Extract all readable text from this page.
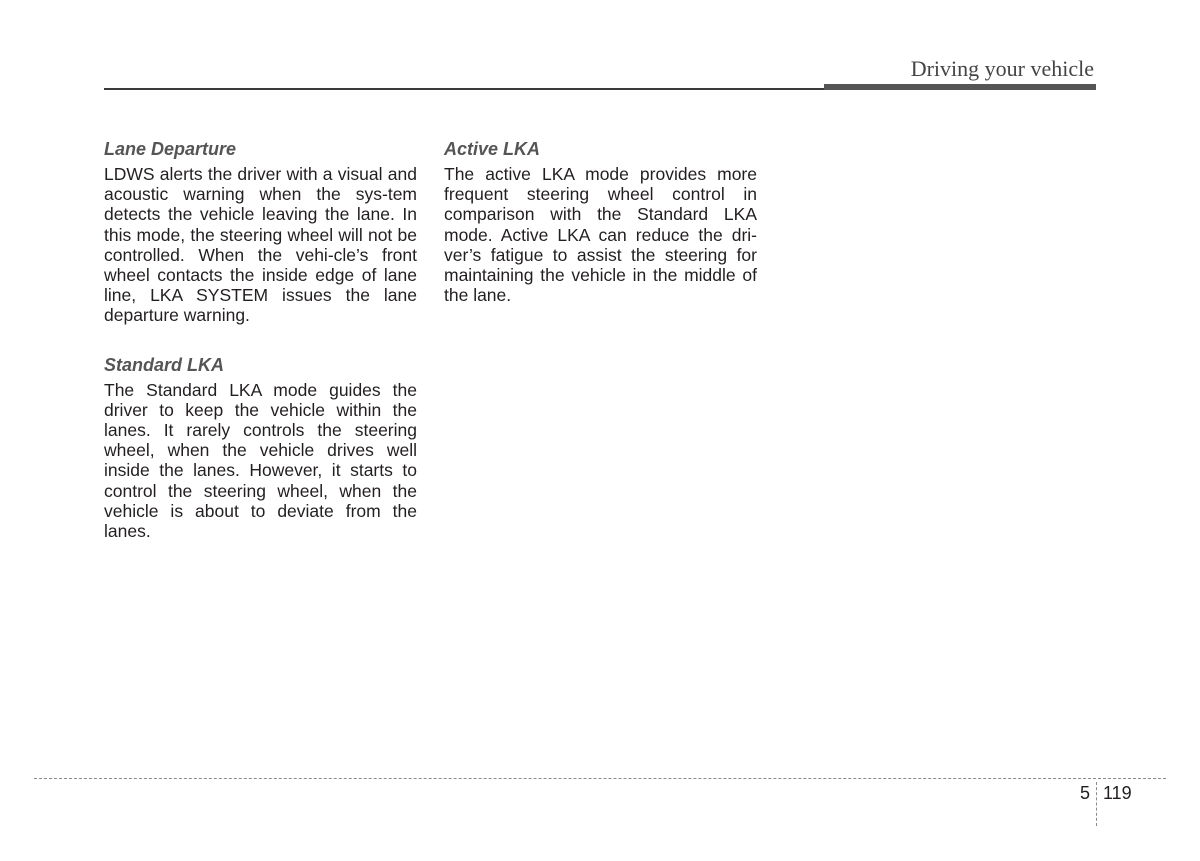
Driving your vehicle
Lane Departure

LDWS alerts the driver with a visual and acoustic warning when the sys-tem detects the vehicle leaving the lane. In this mode, the steering wheel will not be controlled. When the vehi-cle’s front wheel contacts the inside edge of lane line, LKA SYSTEM issues the lane departure warning.

Standard LKA

The Standard LKA mode guides the driver to keep the vehicle within the lanes. It rarely controls the steering wheel, when the vehicle drives well inside the lanes. However, it starts to control the steering wheel, when the vehicle is about to deviate from the lanes.

Active LKA

The active LKA mode provides more frequent steering wheel control in comparison with the Standard LKA mode. Active LKA can reduce the dri-ver’s fatigue to assist the steering for maintaining the vehicle in the middle of the lane.

5 119
